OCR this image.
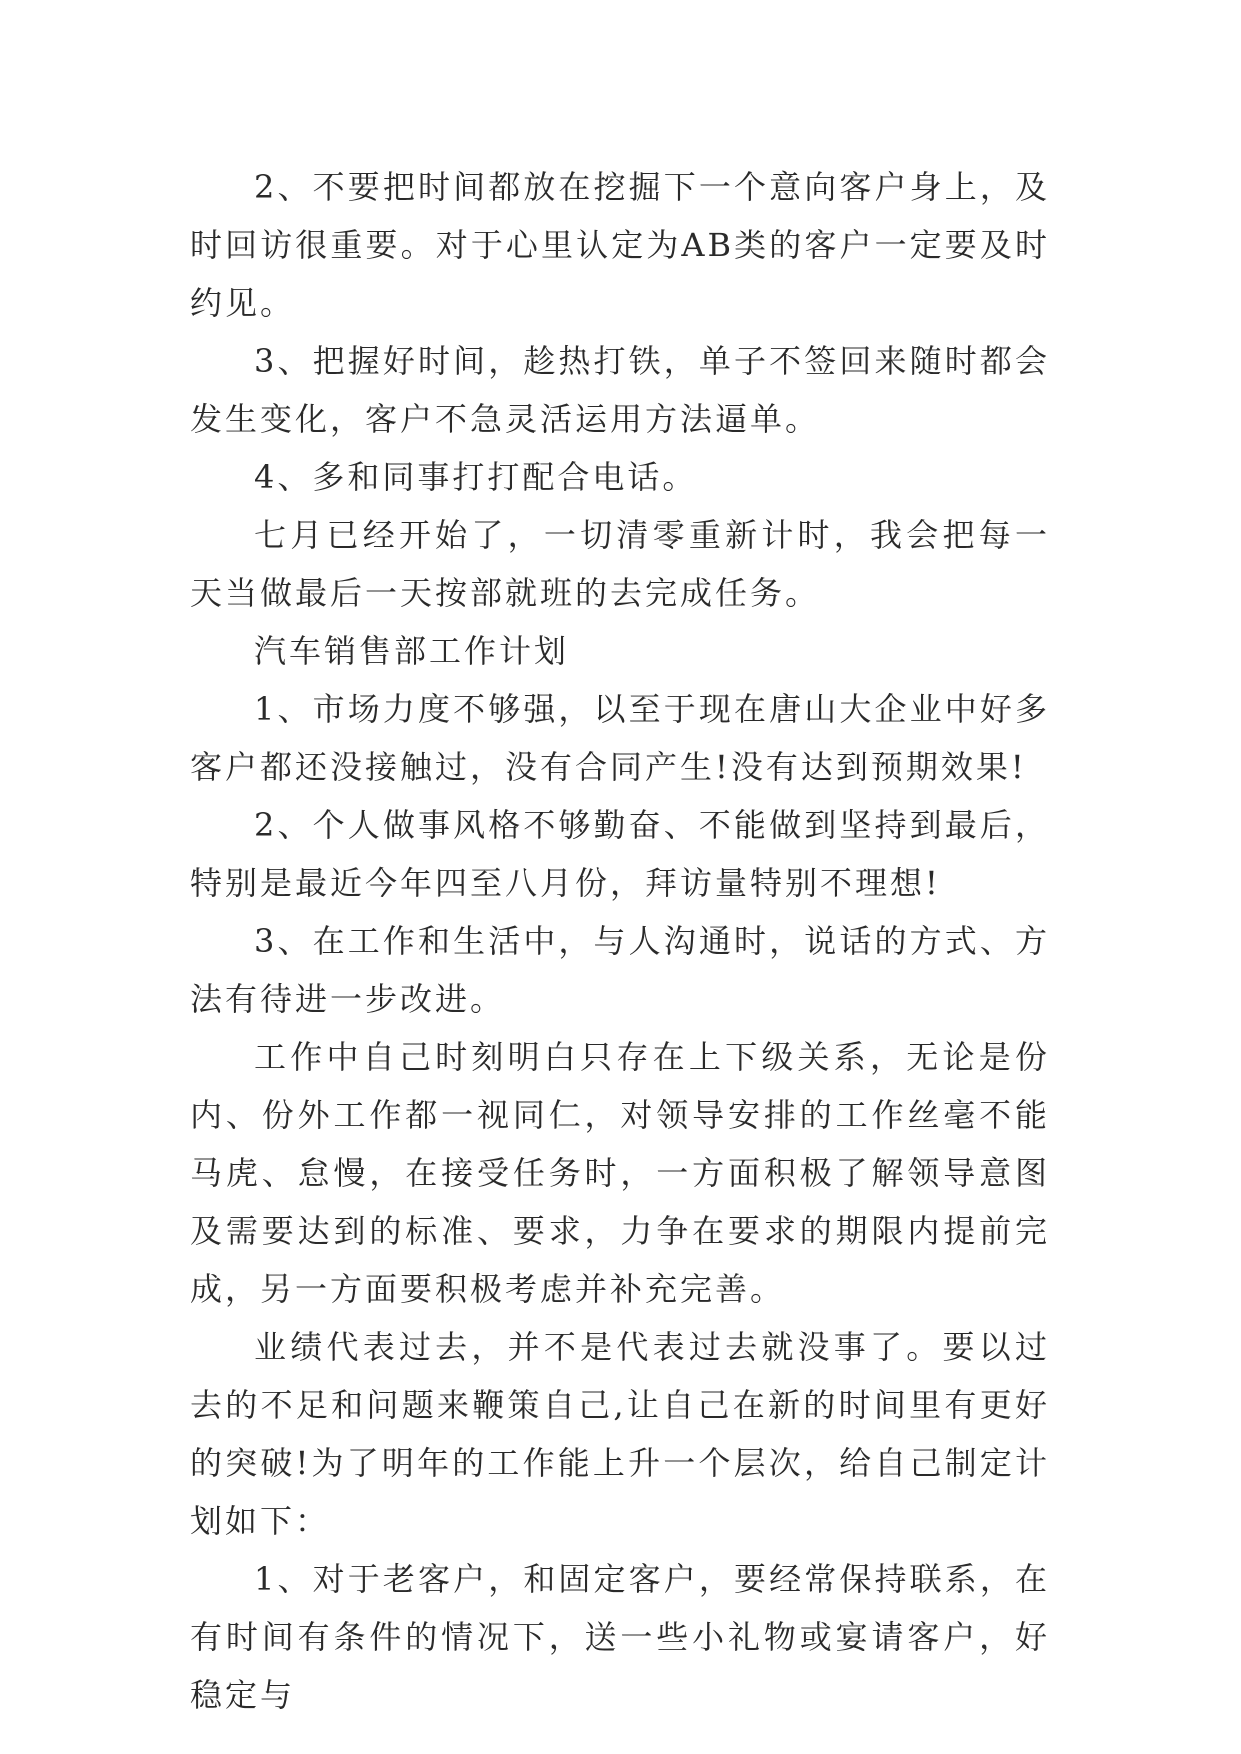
2、不要把时间都放在挖掘下一个意向客户身上，及时回访很重要。对于心里认定为AB类的客户一定要及时约见。

3、把握好时间，趁热打铁，单子不签回来随时都会发生变化，客户不急灵活运用方法逼单。

4、多和同事打打配合电话。

七月已经开始了，一切清零重新计时，我会把每一天当做最后一天按部就班的去完成任务。

汽车销售部工作计划

1、市场力度不够强，以至于现在唐山大企业中好多客户都还没接触过，没有合同产生!没有达到预期效果!

2、个人做事风格不够勤奋、不能做到坚持到最后，特别是最近今年四至八月份，拜访量特别不理想!

3、在工作和生活中，与人沟通时，说话的方式、方法有待进一步改进。

工作中自己时刻明白只存在上下级关系，无论是份内、份外工作都一视同仁，对领导安排的工作丝毫不能马虎、怠慢，在接受任务时，一方面积极了解领导意图及需要达到的标准、要求，力争在要求的期限内提前完成，另一方面要积极考虑并补充完善。

业绩代表过去，并不是代表过去就没事了。要以过去的不足和问题来鞭策自己,让自己在新的时间里有更好的突破!为了明年的工作能上升一个层次，给自己制定计划如下：

1、对于老客户，和固定客户，要经常保持联系，在有时间有条件的情况下，送一些小礼物或宴请客户，好稳定与
